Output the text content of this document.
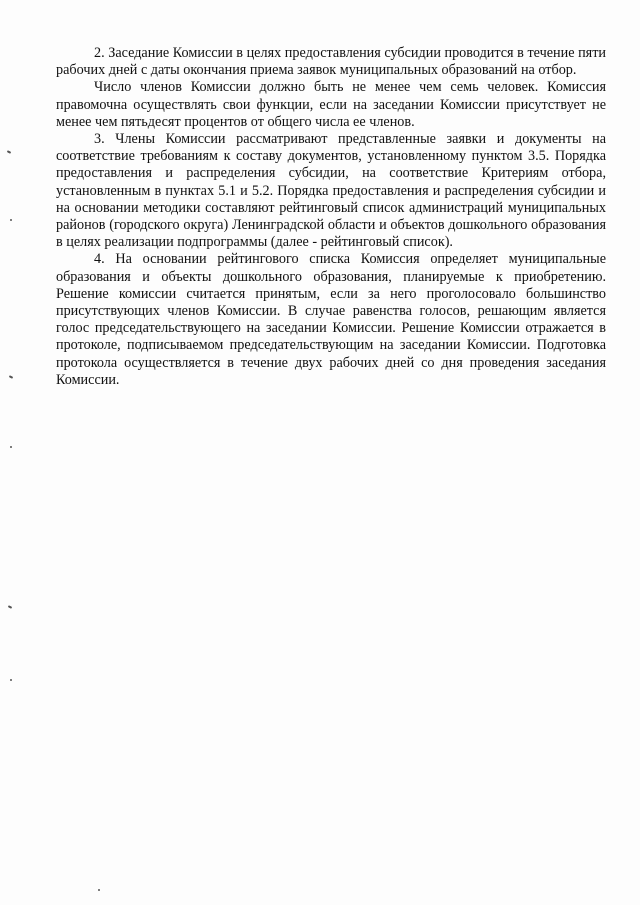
2. Заседание Комиссии в целях предоставления субсидии проводится в течение пяти рабочих дней с даты окончания приема заявок муниципальных образований на отбор.

Число членов Комиссии должно быть не менее чем семь человек. Комиссия правомочна осуществлять свои функции, если на заседании Комиссии присутствует не менее чем пятьдесят процентов от общего числа ее членов.

3. Члены Комиссии рассматривают представленные заявки и документы на соответствие требованиям к составу документов, установленному пунктом 3.5. Порядка предоставления и распределения субсидии, на соответствие Критериям отбора, установленным в пунктах 5.1 и 5.2. Порядка предоставления и распределения субсидии и на основании методики составляют рейтинговый список администраций муниципальных районов (городского округа) Ленинградской области и объектов дошкольного образования в целях реализации подпрограммы (далее - рейтинговый список).

4. На основании рейтингового списка Комиссия определяет муниципальные образования и объекты дошкольного образования, планируемые к приобретению. Решение комиссии считается принятым, если за него проголосовало большинство присутствующих членов Комиссии. В случае равенства голосов, решающим является голос председательствующего на заседании Комиссии. Решение Комиссии отражается в протоколе, подписываемом председательствующим на заседании Комиссии. Подготовка протокола осуществляется в течение двух рабочих дней со дня проведения заседания Комиссии.
